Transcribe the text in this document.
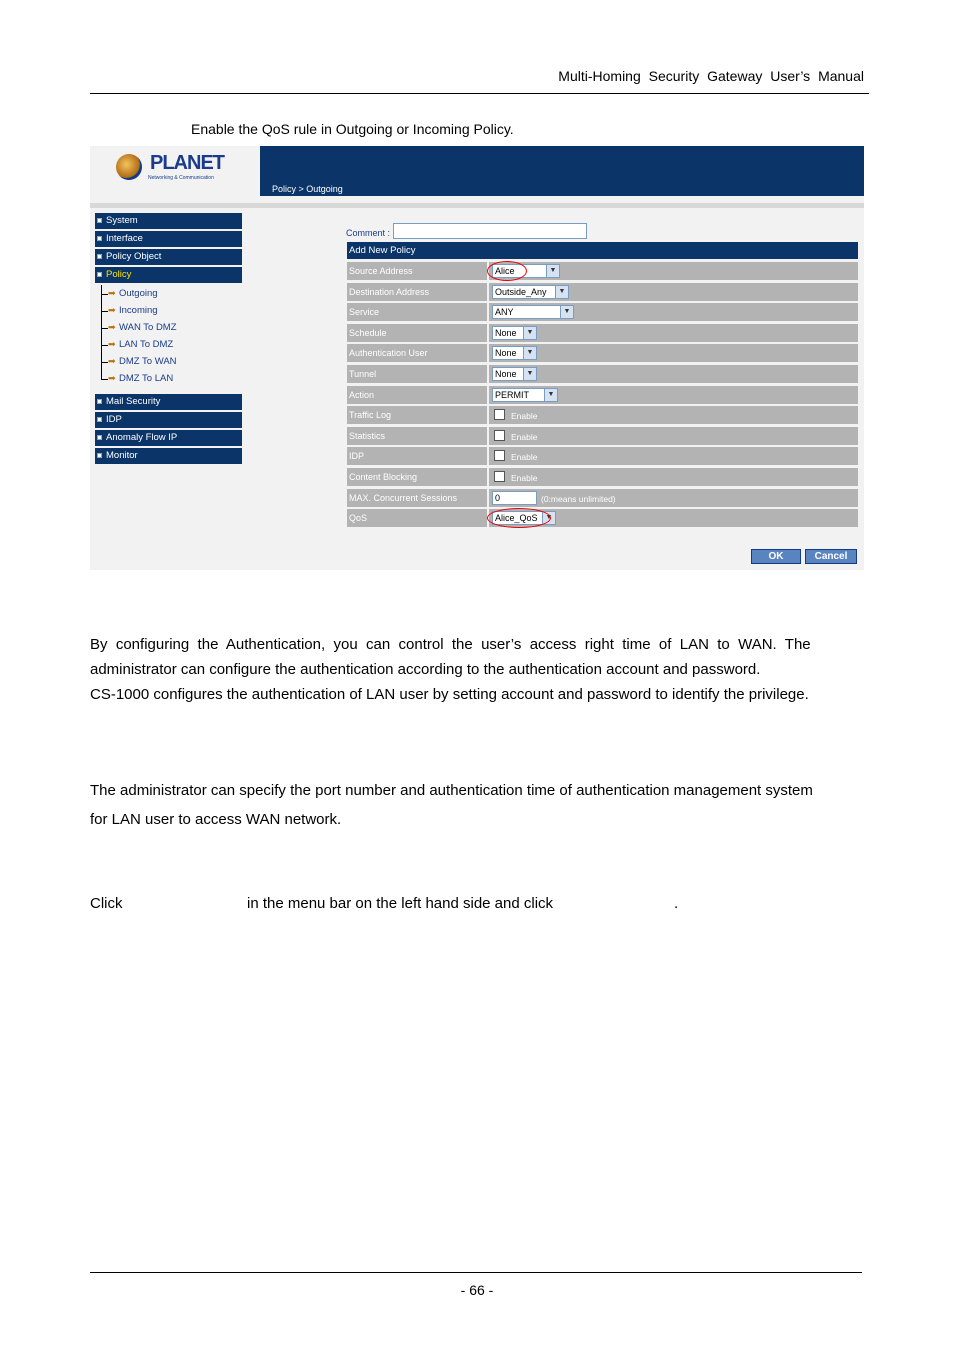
Multi-Homing Security Gateway User’s Manual
Enable the QoS rule in Outgoing or Incoming Policy.
PLANET
Networking & Communication
Policy > Outgoing
System
Interface
Policy Object
Policy
➡ Outgoing
➡ Incoming
➡ WAN To DMZ
➡ LAN To DMZ
➡ DMZ To WAN
➡ DMZ To LAN
Mail Security
IDP
Anomaly Flow IP
Monitor
Comment :
Add New Policy
Source Address	Alice	▼
Destination Address	Outside_Any	▼
Service	ANY	▼
Schedule	None	▼
Authentication User	None	▼
Tunnel	None	▼
Action	PERMIT	▼
Traffic Log	Enable
Statistics	Enable
IDP	Enable
Content Blocking	Enable
MAX. Concurrent Sessions	0	(0:means unlimited)
QoS	Alice_QoS	▼
OK	Cancel
By  configuring  the  Authentication,  you  can  control  the  user’s  access  right  time  of  LAN  to  WAN.  The
administrator can configure the authentication according to the authentication account and password.
CS-1000 configures the authentication of LAN user by setting account and password to identify the privilege.
The administrator can specify the port number and authentication time of authentication management system
for LAN user to access WAN network.
Click	in the menu bar on the left hand side and click	.
- 66 -
